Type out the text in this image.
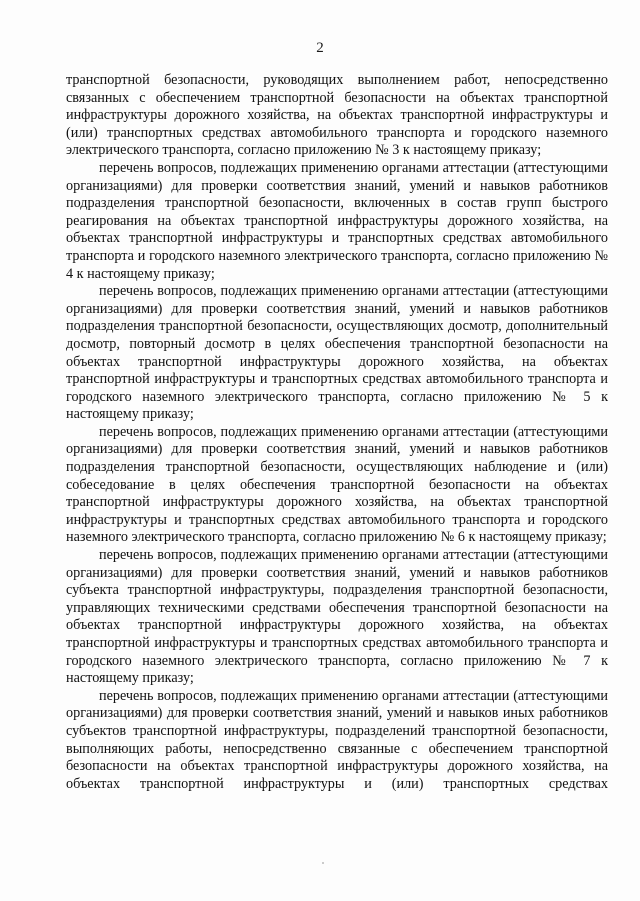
2

транспортной безопасности, руководящих выполнением работ, непосредственно связанных с обеспечением транспортной безопасности на объектах транспортной инфраструктуры дорожного хозяйства, на объектах транспортной инфраструктуры и (или) транспортных средствах автомобильного транспорта и городского наземного электрического транспорта, согласно приложению № 3 к настоящему приказу;

перечень вопросов, подлежащих применению органами аттестации (аттестующими организациями) для проверки соответствия знаний, умений и навыков работников подразделения транспортной безопасности, включенных в состав групп быстрого реагирования на объектах транспортной инфраструктуры дорожного хозяйства, на объектах транспортной инфраструктуры и транспортных средствах автомобильного транспорта и городского наземного электрического транспорта, согласно приложению № 4 к настоящему приказу;

перечень вопросов, подлежащих применению органами аттестации (аттестующими организациями) для проверки соответствия знаний, умений и навыков работников подразделения транспортной безопасности, осуществляющих досмотр, дополнительный досмотр, повторный досмотр в целях обеспечения транспортной безопасности на объектах транспортной инфраструктуры дорожного хозяйства, на объектах транспортной инфраструктуры и транспортных средствах автомобильного транспорта и городского наземного электрического транспорта, согласно приложению № 5 к настоящему приказу;

перечень вопросов, подлежащих применению органами аттестации (аттестующими организациями) для проверки соответствия знаний, умений и навыков работников подразделения транспортной безопасности, осуществляющих наблюдение и (или) собеседование в целях обеспечения транспортной безопасности на объектах транспортной инфраструктуры дорожного хозяйства, на объектах транспортной инфраструктуры и транспортных средствах автомобильного транспорта и городского наземного электрического транспорта, согласно приложению № 6 к настоящему приказу;

перечень вопросов, подлежащих применению органами аттестации (аттестующими организациями) для проверки соответствия знаний, умений и навыков работников субъекта транспортной инфраструктуры, подразделения транспортной безопасности, управляющих техническими средствами обеспечения транспортной безопасности на объектах транспортной инфраструктуры дорожного хозяйства, на объектах транспортной инфраструктуры и транспортных средствах автомобильного транспорта и городского наземного электрического транспорта, согласно приложению № 7 к настоящему приказу;

перечень вопросов, подлежащих применению органами аттестации (аттестующими организациями) для проверки соответствия знаний, умений и навыков иных работников субъектов транспортной инфраструктуры, подразделений транспортной безопасности, выполняющих работы, непосредственно связанные с обеспечением транспортной безопасности на объектах транспортной инфраструктуры дорожного хозяйства, на объектах транспортной инфраструктуры и (или) транспортных средствах
